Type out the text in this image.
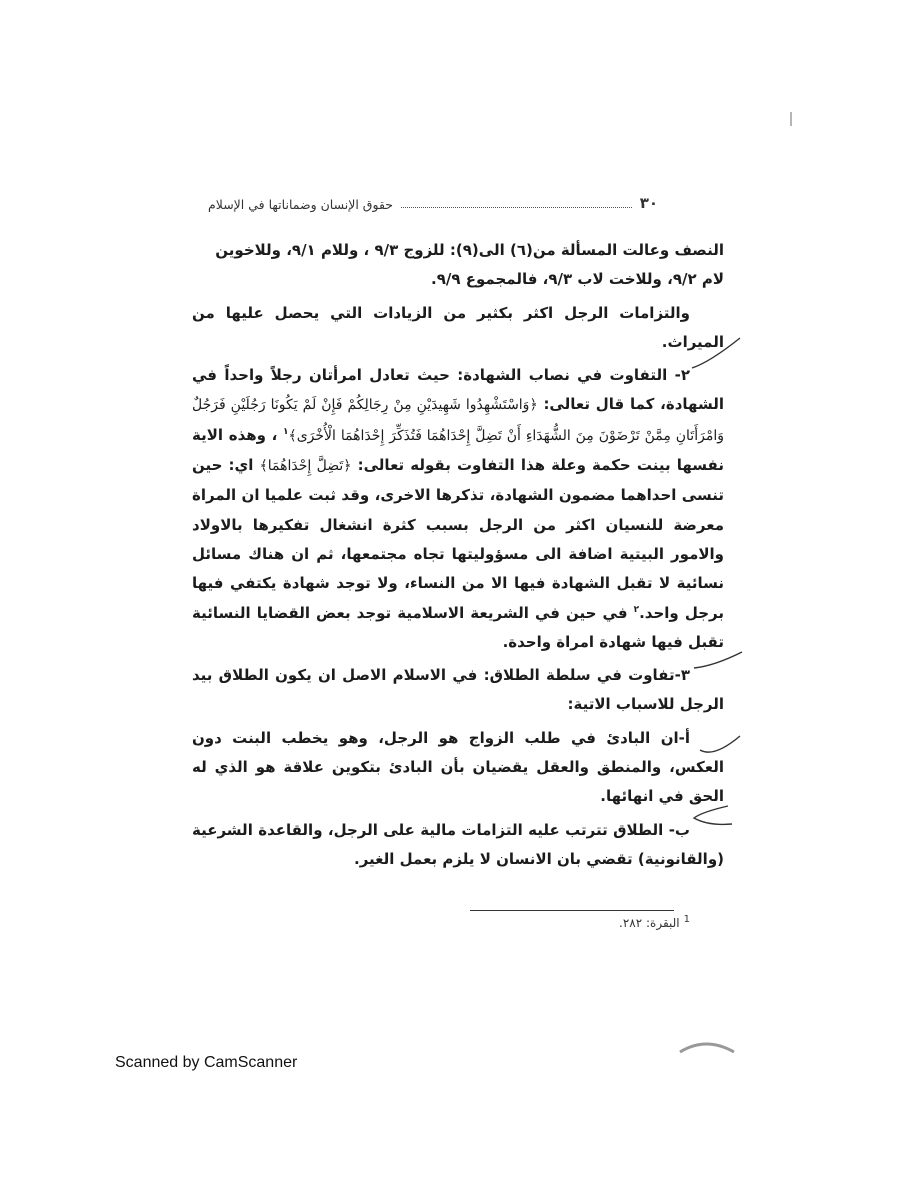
٣٠
حقوق الإنسان وضماناتها في الإسلام

النصف وعالت المسألة من(٦) الى(٩): للزوج ٩/٣ ، وللام ٩/١، وللاخوين

لام ٩/٢، وللاخت لاب ٩/٣، فالمجموع ٩/٩.

والتزامات الرجل اكثر بكثير من الزيادات التي يحصل عليها من الميراث.

٢- التفاوت في نصاب الشهادة: حيث تعادل امرأتان رجلاً واحداً في الشهادة، كما قال تعالى: ﴿وَاسْتَشْهِدُوا شَهِيدَيْنِ مِنْ رِجَالِكُمْ فَإِنْ لَمْ يَكُونَا رَجُلَيْنِ فَرَجُلٌ وَامْرَأَتَانِ مِمَّنْ تَرْضَوْنَ مِنَ الشُّهَدَاءِ أَنْ تَضِلَّ إِحْدَاهُمَا فَتُذَكِّرَ إِحْدَاهُمَا الْأُخْرَى﴾$^١$ ، وهذه الاية نفسها بينت حكمة وعلة هذا التفاوت بقوله تعالى: ﴿تَضِلَّ إِحْدَاهُمَا﴾ اي: حين تنسى احداهما مضمون الشهادة، تذكرها الاخرى، وقد ثبت علميا ان المراة معرضة للنسيان اكثر من الرجل بسبب كثرة انشغال تفكيرها بالاولاد والامور البيتية اضافة الى مسؤوليتها تجاه مجتمعها، ثم ان هناك مسائل نسائية لا تقبل الشهادة فيها الا من النساء، ولا توجد شهادة يكتفي فيها برجل واحد.$^٢$ في حين في الشريعة الاسلامية توجد بعض القضايا النسائية تقبل فيها شهادة امراة واحدة.

٣-تفاوت في سلطة الطلاق: في الاسلام الاصل ان يكون الطلاق بيد الرجل للاسباب الاتية:

أ-ان البادئ في طلب الزواج هو الرجل، وهو يخطب البنت دون العكس، والمنطق والعقل يقضيان بأن البادئ بتكوين علاقة هو الذي له الحق في انهائها.

ب- الطلاق تترتب عليه التزامات مالية على الرجل، والقاعدة الشرعية (والقانونية) تقضي بان الانسان لا يلزم بعمل الغير.

$^1$البقرة: ٢٨٢.
Scanned by CamScanner
